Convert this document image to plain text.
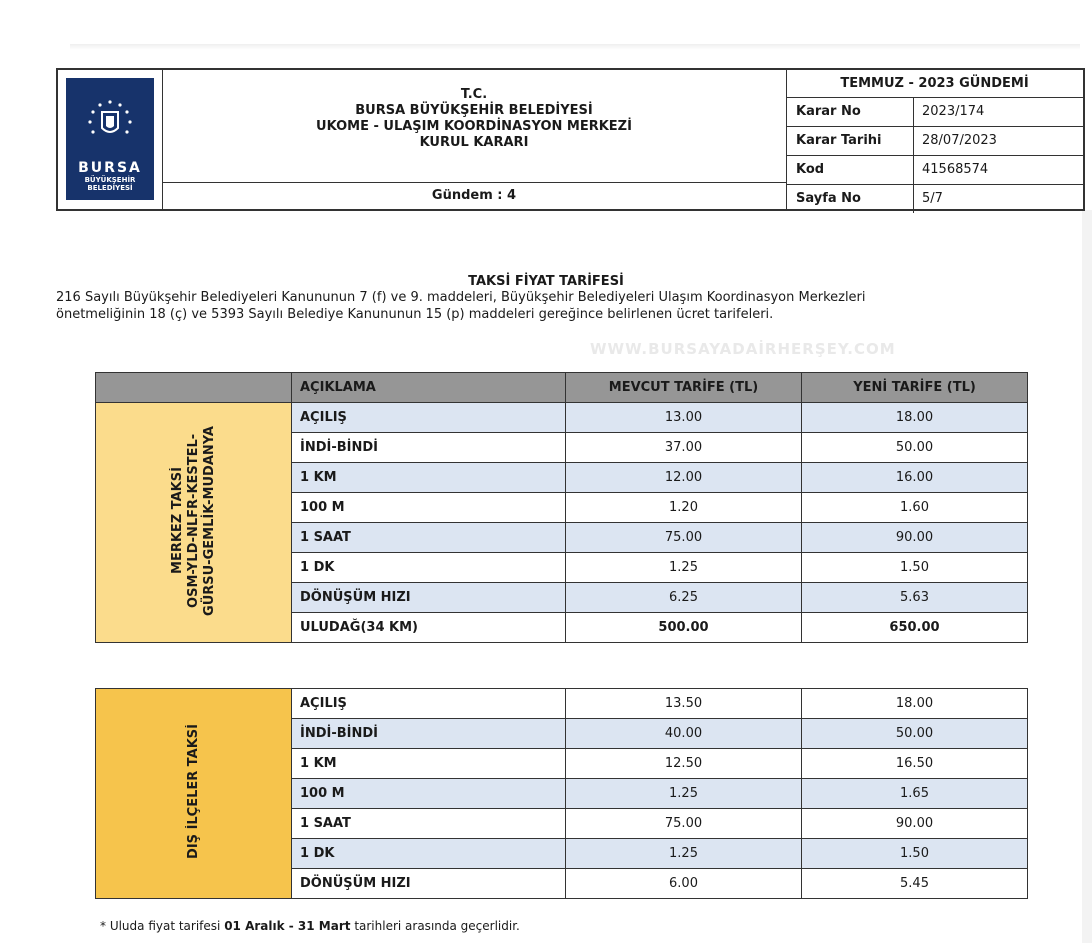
BURSA
BÜYÜKŞEHİR
BELEDİYESİ
T.C.
BURSA BÜYÜKŞEHİR BELEDİYESİ
UKOME - ULAŞIM KOORDİNASYON MERKEZİ
KURUL KARARI
Gündem : 4
TEMMUZ - 2023 GÜNDEMİ
Karar No	2023/174
Karar Tarihi	28/07/2023
Kod	41568574
Sayfa No	5/7
TAKSİ FİYAT TARİFESİ
216 Sayılı Büyükşehir Belediyeleri Kanununun 7 (f) ve 9. maddeleri, Büyükşehir Belediyeleri Ulaşım Koordinasyon Merkezleri
önetmeliğinin 18 (ç) ve 5393 Sayılı Belediye Kanununun 15 (p) maddeleri gereğince belirlenen ücret tarifeleri.
WWW.BURSAYADAİRHERŞEY.COM
	AÇIKLAMA	MEVCUT TARİFE (TL)	YENİ TARİFE (TL)
MERKEZ TAKSİ
OSM-YLD-NLFR-KESTEL-
GÜRSU-GEMLİK-MUDANYA	AÇILIŞ	13.00	18.00
	İNDİ-BİNDİ	37.00	50.00
	1 KM	12.00	16.00
	100 M	1.20	1.60
	1 SAAT	75.00	90.00
	1 DK	1.25	1.50
	DÖNÜŞÜM HIZI	6.25	5.63
	ULUDAĞ(34 KM)	500.00	650.00
DIŞ İLÇELER TAKSİ	AÇILIŞ	13.50	18.00
	İNDİ-BİNDİ	40.00	50.00
	1 KM	12.50	16.50
	100 M	1.25	1.65
	1 SAAT	75.00	90.00
	1 DK	1.25	1.50
	DÖNÜŞÜM HIZI	6.00	5.45
* Uluda fiyat tarifesi 01 Aralık - 31 Mart tarihleri arasında geçerlidir.
